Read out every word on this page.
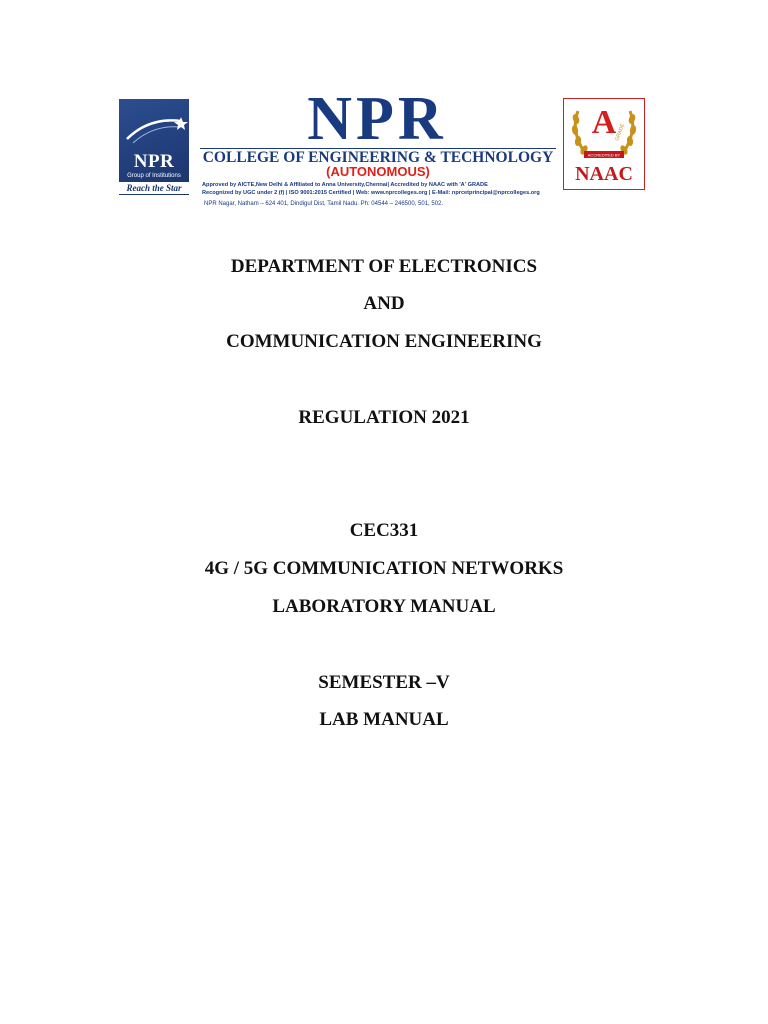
NPR
Group of Institutions
Reach the Star
NPR
COLLEGE OF ENGINEERING & TECHNOLOGY
(AUTONOMOUS)
Approved by AICTE,New Delhi & Affiliated to Anna University,Chennai| Accredited by NAAC with 'A' GRADE
Recognized by UGC under 2 (f) | ISO 9001:2015 Certified | Web: www.nprcolleges.org | E-Mail: nprcetprincipal@nprcolleges.org
NPR Nagar, Natham – 624 401, Dindigul Dist, Tamil Nadu. Ph: 04544 – 246500, 501, 502.
ACCREDITED BY
GRADE
A
NAAC
DEPARTMENT OF ELECTRONICS
AND
COMMUNICATION ENGINEERING
REGULATION 2021
CEC331
4G / 5G COMMUNICATION NETWORKS
LABORATORY MANUAL
SEMESTER –V
LAB MANUAL
